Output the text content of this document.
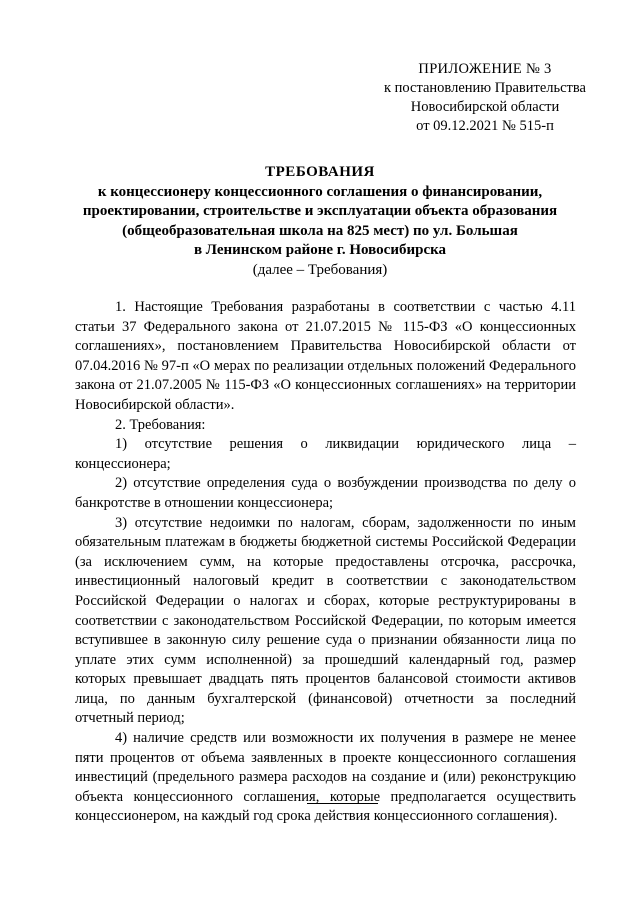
ПРИЛОЖЕНИЕ № 3
к постановлению Правительства
Новосибирской области
от 09.12.2021 № 515-п
ТРЕБОВАНИЯ
к концессионеру концессионного соглашения о финансировании,
проектировании, строительстве и эксплуатации объекта образования
(общеобразовательная школа на 825 мест) по ул. Большая
в Ленинском районе г. Новосибирска
(далее – Требования)

1. Настоящие Требования разработаны в соответствии с частью 4.11 статьи 37 Федерального закона от 21.07.2015 № 115-ФЗ «О концессионных соглашениях», постановлением Правительства Новосибирской области от 07.04.2016 № 97-п «О мерах по реализации отдельных положений Федерального закона от 21.07.2005 № 115-ФЗ «О концессионных соглашениях» на территории Новосибирской области».

2. Требования:

1) отсутствие решения о ликвидации юридического лица – концессионера;

2) отсутствие определения суда о возбуждении производства по делу о банкротстве в отношении концессионера;

3) отсутствие недоимки по налогам, сборам, задолженности по иным обязательным платежам в бюджеты бюджетной системы Российской Федерации (за исключением сумм, на которые предоставлены отсрочка, рассрочка, инвестиционный налоговый кредит в соответствии с законодательством Российской Федерации о налогах и сборах, которые реструктурированы в соответствии с законодательством Российской Федерации, по которым имеется вступившее в законную силу решение суда о признании обязанности лица по уплате этих сумм исполненной) за прошедший календарный год, размер которых превышает двадцать пять процентов балансовой стоимости активов лица, по данным бухгалтерской (финансовой) отчетности за последний отчетный период;

4) наличие средств или возможности их получения в размере не менее пяти процентов от объема заявленных в проекте концессионного соглашения инвестиций (предельного размера расходов на создание и (или) реконструкцию объекта концессионного соглашения, которые предполагается осуществить концессионером, на каждый год срока действия концессионного соглашения).
